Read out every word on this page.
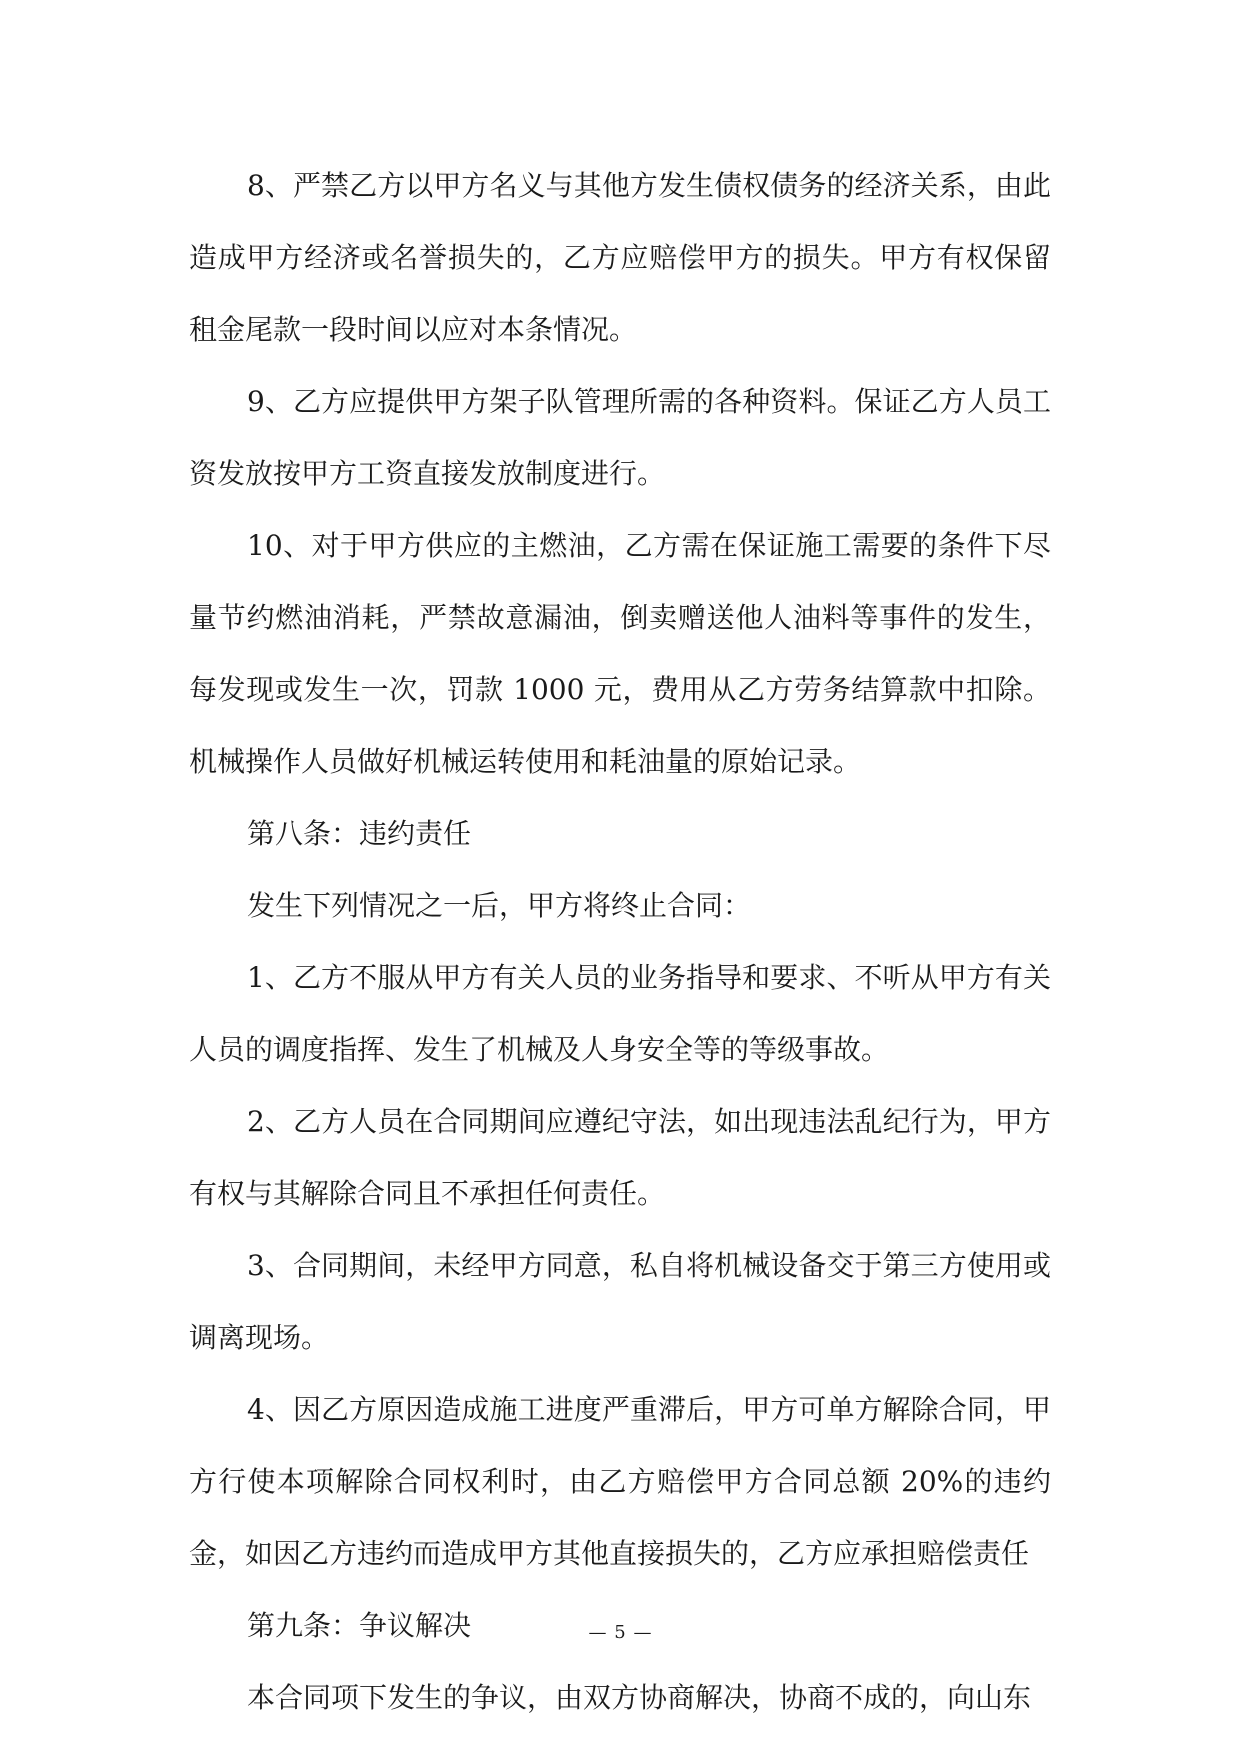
8、严禁乙方以甲方名义与其他方发生债权债务的经济关系，由此造成甲方经济或名誉损失的，乙方应赔偿甲方的损失。甲方有权保留租金尾款一段时间以应对本条情况。

9、乙方应提供甲方架子队管理所需的各种资料。保证乙方人员工资发放按甲方工资直接发放制度进行。

10、对于甲方供应的主燃油，乙方需在保证施工需要的条件下尽量节约燃油消耗，严禁故意漏油，倒卖赠送他人油料等事件的发生，每发现或发生一次，罚款 1000 元，费用从乙方劳务结算款中扣除。机械操作人员做好机械运转使用和耗油量的原始记录。

第八条：违约责任

发生下列情况之一后，甲方将终止合同：

1、乙方不服从甲方有关人员的业务指导和要求、不听从甲方有关人员的调度指挥、发生了机械及人身安全等的等级事故。

2、乙方人员在合同期间应遵纪守法，如出现违法乱纪行为，甲方有权与其解除合同且不承担任何责任。

3、合同期间，未经甲方同意，私自将机械设备交于第三方使用或调离现场。

4、因乙方原因造成施工进度严重滞后，甲方可单方解除合同，甲方行使本项解除合同权利时，由乙方赔偿甲方合同总额 20%的违约金，如因乙方违约而造成甲方其他直接损失的，乙方应承担赔偿责任

第九条：争议解决

本合同项下发生的争议，由双方协商解决，协商不成的，向山东

— 5 —
